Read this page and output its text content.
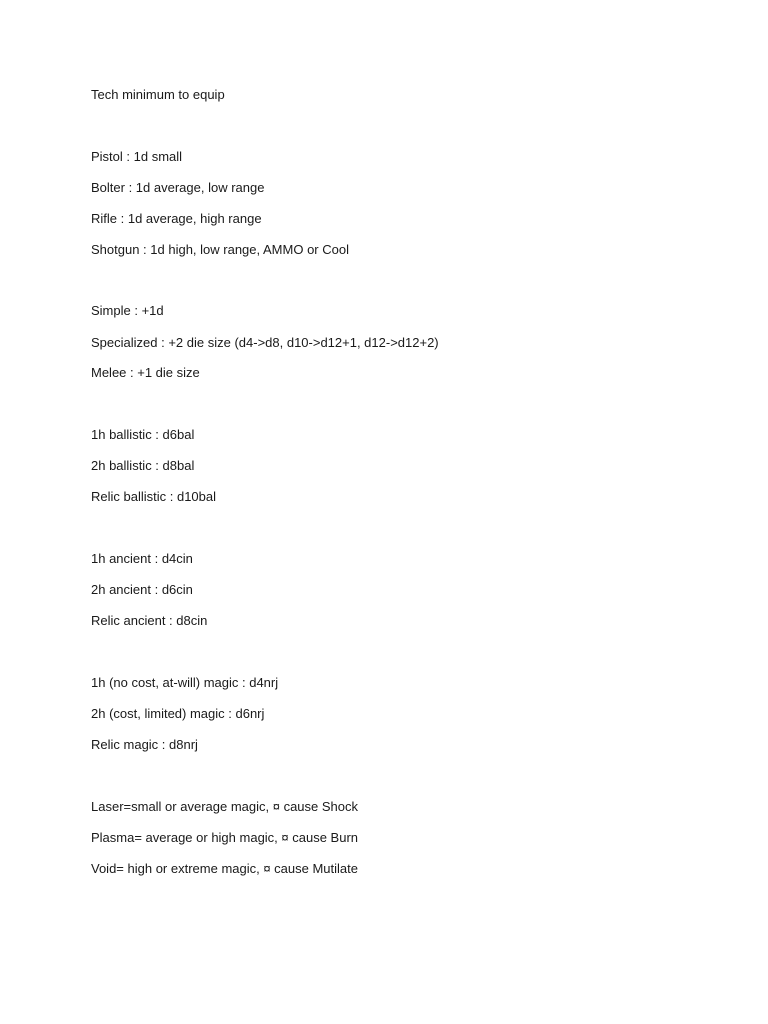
Tech minimum to equip
Pistol : 1d small
Bolter : 1d average, low range
Rifle : 1d average, high range
Shotgun : 1d high, low range, AMMO or Cool
Simple : +1d
Specialized : +2 die size (d4->d8, d10->d12+1, d12->d12+2)
Melee : +1 die size
1h ballistic : d6bal
2h ballistic : d8bal
Relic ballistic : d10bal
1h ancient : d4cin
2h ancient : d6cin
Relic ancient : d8cin
1h (no cost, at-will) magic : d4nrj
2h (cost, limited) magic : d6nrj
Relic magic : d8nrj
Laser=small or average magic, ¤ cause Shock
Plasma= average or high magic, ¤ cause Burn
Void= high or extreme magic, ¤ cause Mutilate
